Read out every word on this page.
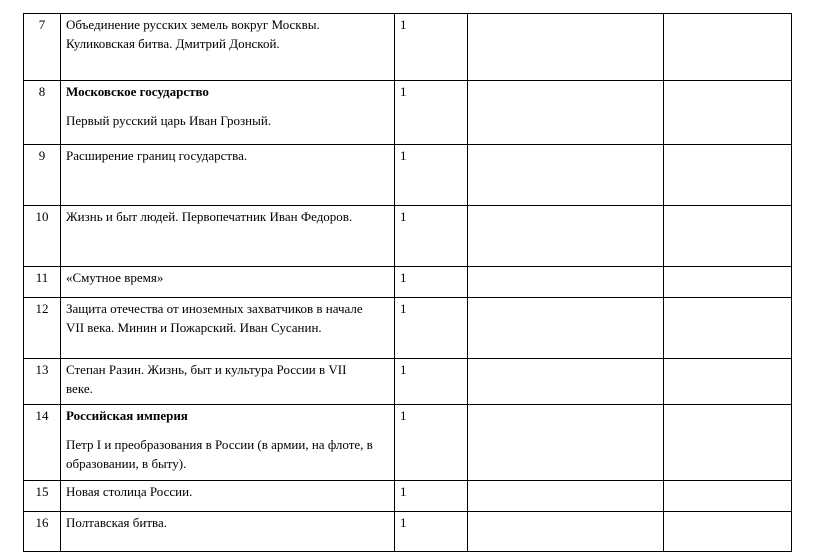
7	Объединение русских земель вокруг Москвы.
Куликовская битва. Дмитрий Донской.	1		
8	Московское государство
Первый русский царь Иван Грозный.	1		
9	Расширение границ государства.	1		
10	Жизнь и быт людей. Первопечатник Иван Федоров.	1		
11	«Смутное время»	1		
12	Защита отечества от иноземных захватчиков в начале
VII века. Минин и Пожарский. Иван Сусанин.	1		
13	Степан Разин. Жизнь, быт и культура России в VII
веке.	1		
14	Российская империя
Петр I и преобразования в России (в армии, на флоте, в
образовании, в быту).	1		
15	Новая столица России.	1		
16	Полтавская битва.	1		
